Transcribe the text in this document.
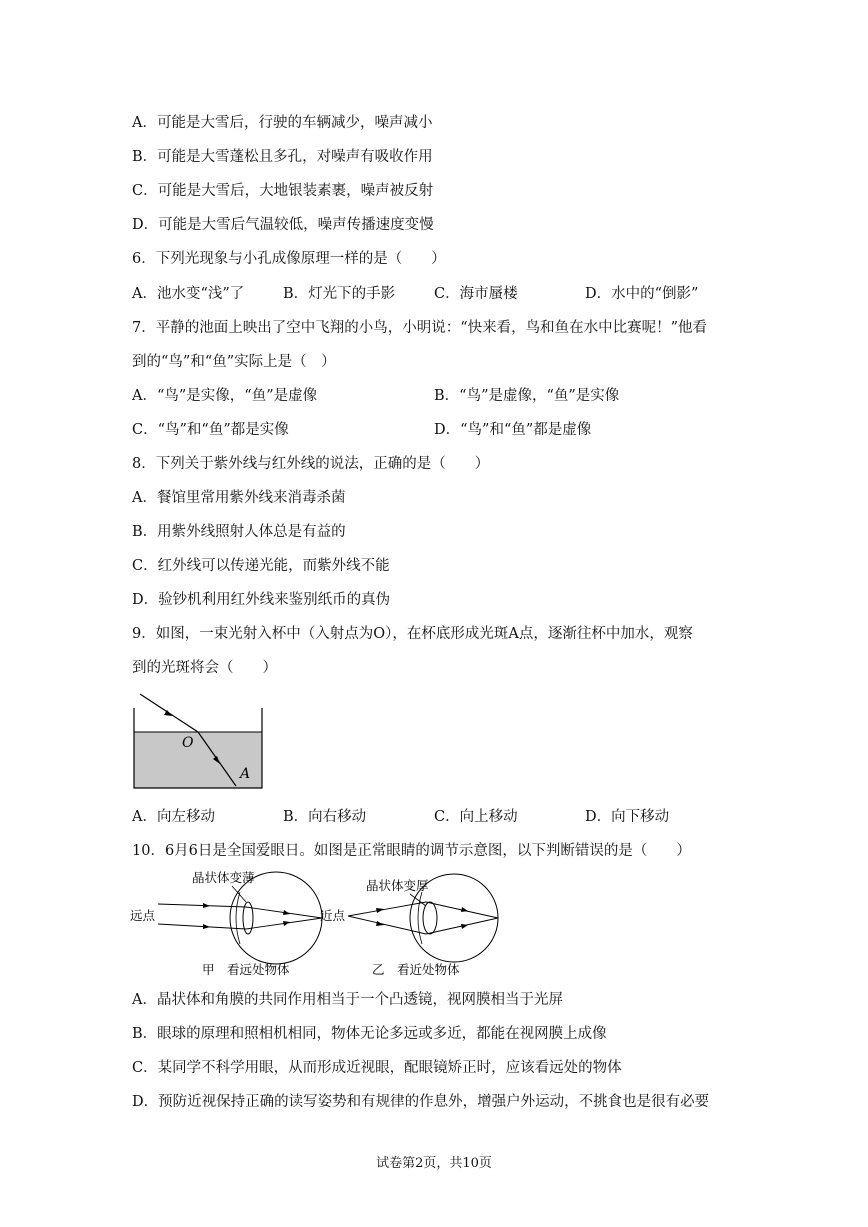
A．可能是大雪后，行驶的车辆减少，噪声减小
B．可能是大雪蓬松且多孔，对噪声有吸收作用
C．可能是大雪后，大地银装素裹，噪声被反射
D．可能是大雪后气温较低，噪声传播速度变慢
6．下列光现象与小孔成像原理一样的是（　　）
A．池水变“浅”了	B．灯光下的手影	C．海市蜃楼	D．水中的“倒影”
7．平静的池面上映出了空中飞翔的小鸟，小明说：“快来看，鸟和鱼在水中比赛呢！”他看
到的“鸟”和“鱼”实际上是（　）
A．“鸟”是实像，“鱼”是虚像	B．“鸟”是虚像，“鱼”是实像
C．“鸟”和“鱼”都是实像	D．“鸟”和“鱼”都是虚像
8．下列关于紫外线与红外线的说法，正确的是（　　）
A．餐馆里常用紫外线来消毒杀菌
B．用紫外线照射人体总是有益的
C．红外线可以传递光能，而紫外线不能
D．验钞机利用红外线来鉴别纸币的真伪
9．如图，一束光射入杯中（入射点为O），在杯底形成光斑A点，逐渐往杯中加水，观察
到的光斑将会（　　）
O
A
A．向左移动	B．向右移动	C．向上移动	D．向下移动
10．6月6日是全国爱眼日。如图是正常眼睛的调节示意图，以下判断错误的是（　　）
晶状体变薄
远点
甲　看远处物体
晶状体变厚
近点
乙　看近处物体
A．晶状体和角膜的共同作用相当于一个凸透镜，视网膜相当于光屏
B．眼球的原理和照相机相同，物体无论多远或多近，都能在视网膜上成像
C．某同学不科学用眼，从而形成近视眼，配眼镜矫正时，应该看远处的物体
D．预防近视保持正确的读写姿势和有规律的作息外，增强户外运动，不挑食也是很有必要
试卷第2页，共10页
